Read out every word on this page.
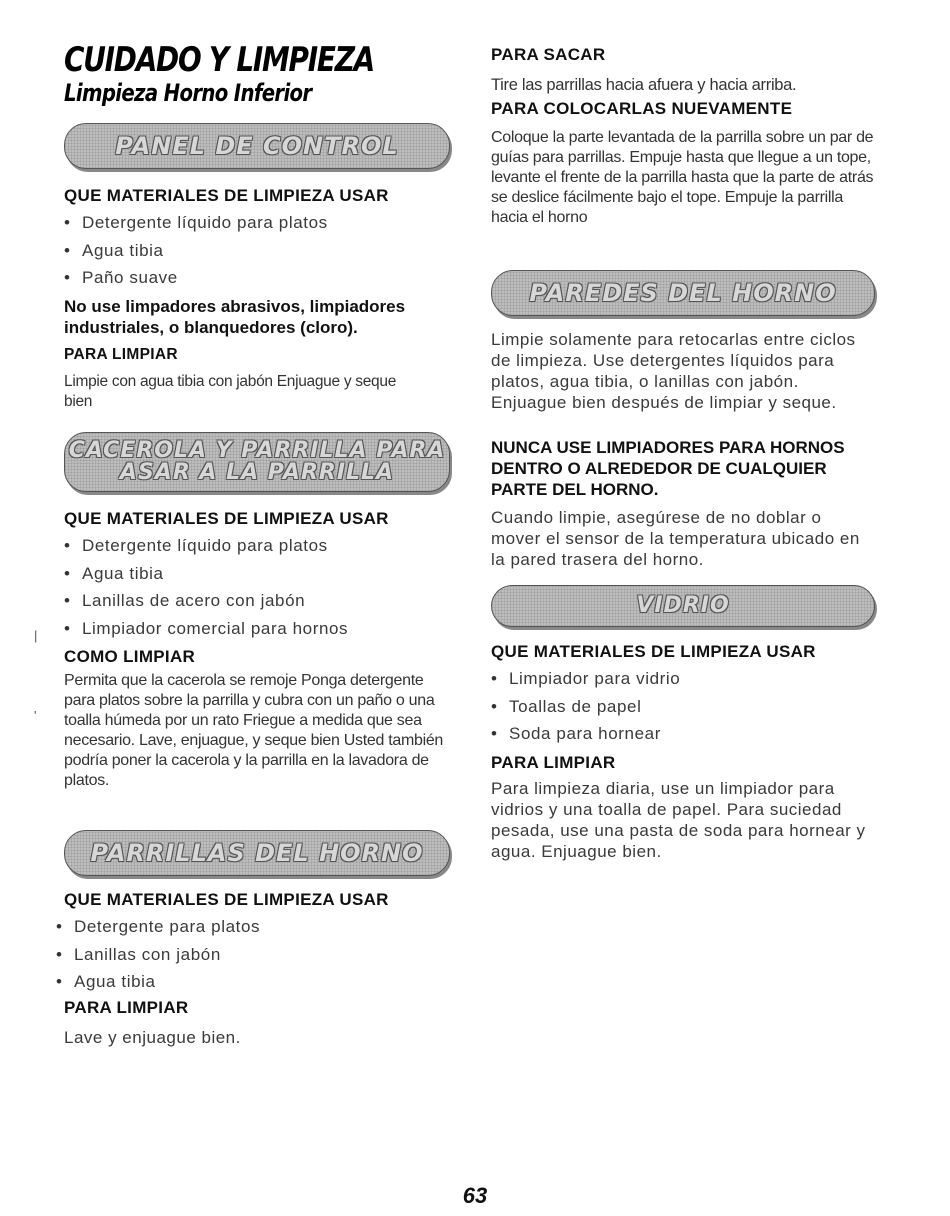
CUIDADO Y LIMPIEZA
Limpieza Horno Inferior
PANEL DE CONTROL
QUE MATERIALES DE LIMPIEZA USAR
• Detergente líquido para platos
• Agua tibia
• Paño suave
No use limpadores abrasivos, limpiadores industriales, o blanquedores (cloro).
PARA LIMPIAR
Limpie con agua tibia con jabón Enjuague y seque bien
CACEROLA Y PARRILLA PARA
ASAR A LA PARRILLA
QUE MATERIALES DE LIMPIEZA USAR
• Detergente líquido para platos
• Agua tibia
• Lanillas de acero con jabón
• Limpiador comercial para hornos
COMO LIMPIAR
Permita que la cacerola se remoje Ponga detergente para platos sobre la parrilla y cubra con un paño o una toalla húmeda por un rato Friegue a medida que sea necesario. Lave, enjuague, y seque bien Usted también podría poner la cacerola y la parrilla en la lavadora de platos.
PARRILLAS DEL HORNO
QUE MATERIALES DE LIMPIEZA USAR
• Detergente para platos
• Lanillas con jabón
• Agua tibia
PARA LIMPIAR
Lave y enjuague bien.
PARA SACAR
Tire las parrillas hacia afuera y hacia arriba.
PARA COLOCARLAS NUEVAMENTE
Coloque la parte levantada de la parrilla sobre un par de guías para parrillas. Empuje hasta que llegue a un tope, levante el frente de la parrilla hasta que la parte de atrás se deslice fácilmente bajo el tope. Empuje la parrilla hacia el horno
PAREDES DEL HORNO
Limpie solamente para retocarlas entre ciclos de limpieza. Use detergentes líquidos para platos, agua tibia, o lanillas con jabón. Enjuague bien después de limpiar y seque.
NUNCA USE LIMPIADORES PARA HORNOS DENTRO O ALREDEDOR DE CUALQUIER PARTE DEL HORNO.
Cuando limpie, asegúrese de no doblar o mover el sensor de la temperatura ubicado en la pared trasera del horno.
VIDRIO
QUE MATERIALES DE LIMPIEZA USAR
• Limpiador para vidrio
• Toallas de papel
• Soda para hornear
PARA LIMPIAR
Para limpieza diaria, use un limpiador para vidrios y una toalla de papel. Para suciedad pesada, use una pasta de soda para hornear y agua. Enjuague bien.
|
'
63
